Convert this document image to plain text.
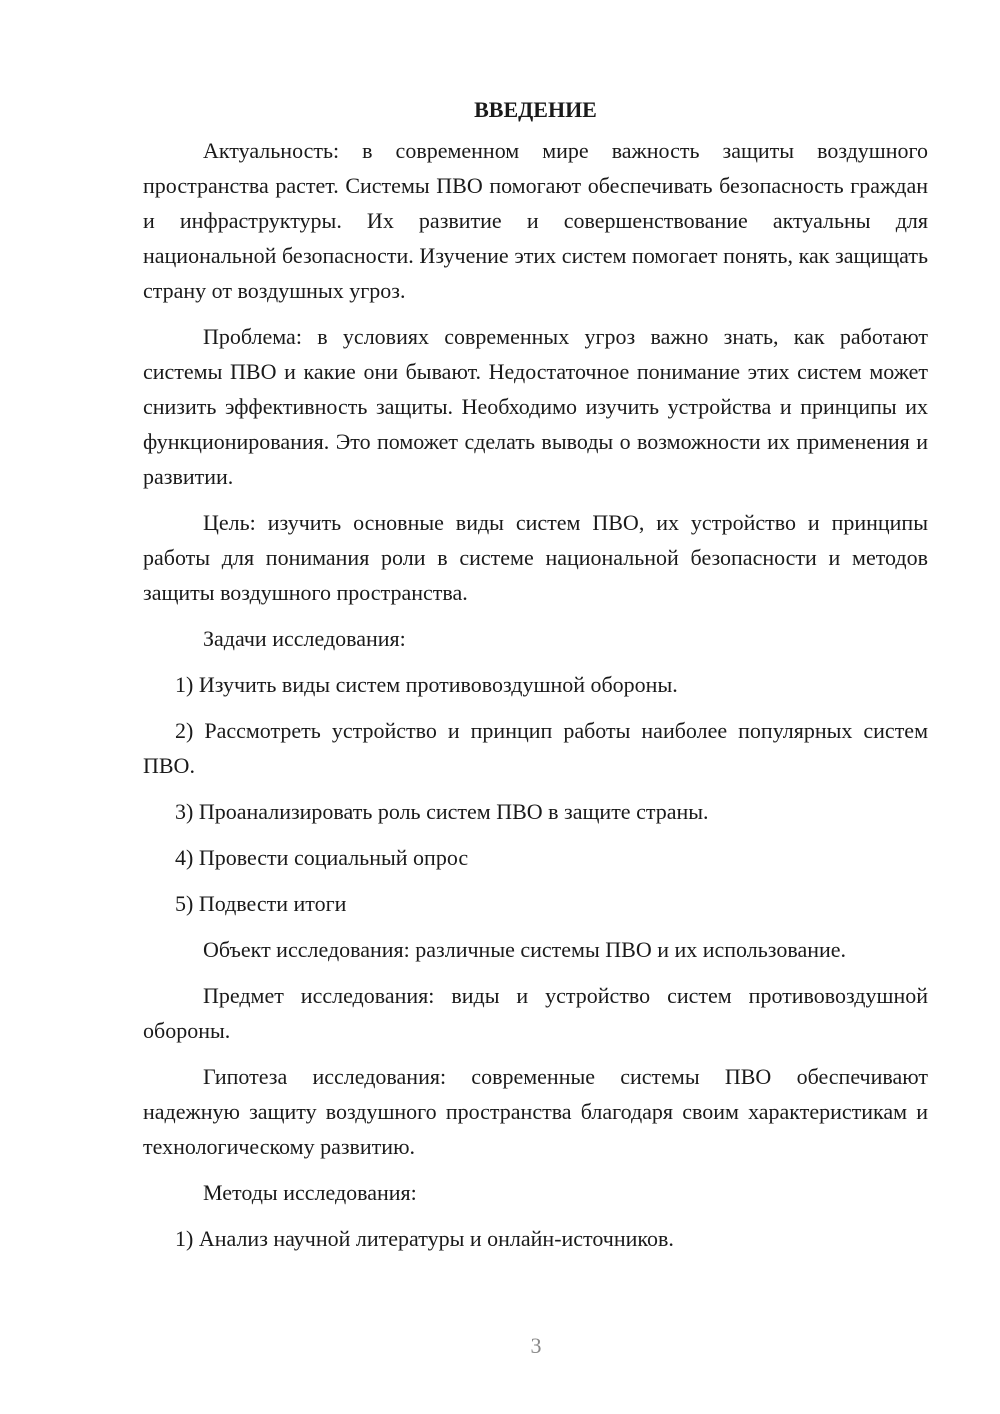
ВВЕДЕНИЕ

Актуальность: в современном мире важность защиты воздушного пространства растет. Системы ПВО помогают обеспечивать безопасность граждан и инфраструктуры. Их развитие и совершенствование актуальны для национальной безопасности. Изучение этих систем помогает понять, как защищать страну от воздушных угроз.

Проблема: в условиях современных угроз важно знать, как работают системы ПВО и какие они бывают. Недостаточное понимание этих систем может снизить эффективность защиты. Необходимо изучить устройства и принципы их функционирования. Это поможет сделать выводы о возможности их применения и развитии.

Цель: изучить основные виды систем ПВО, их устройство и принципы работы для понимания роли в системе национальной безопасности и методов защиты воздушного пространства.

Задачи исследования:

1) Изучить виды систем противовоздушной обороны.

2) Рассмотреть устройство и принцип работы наиболее популярных систем ПВО.

3) Проанализировать роль систем ПВО в защите страны.

4) Провести социальный опрос

5) Подвести итоги

Объект исследования: различные системы ПВО и их использование.

Предмет исследования: виды и устройство систем противовоздушной обороны.

Гипотеза исследования: современные системы ПВО обеспечивают надежную защиту воздушного пространства благодаря своим характеристикам и технологическому развитию.

Методы исследования:

1) Анализ научной литературы и онлайн-источников.

3
